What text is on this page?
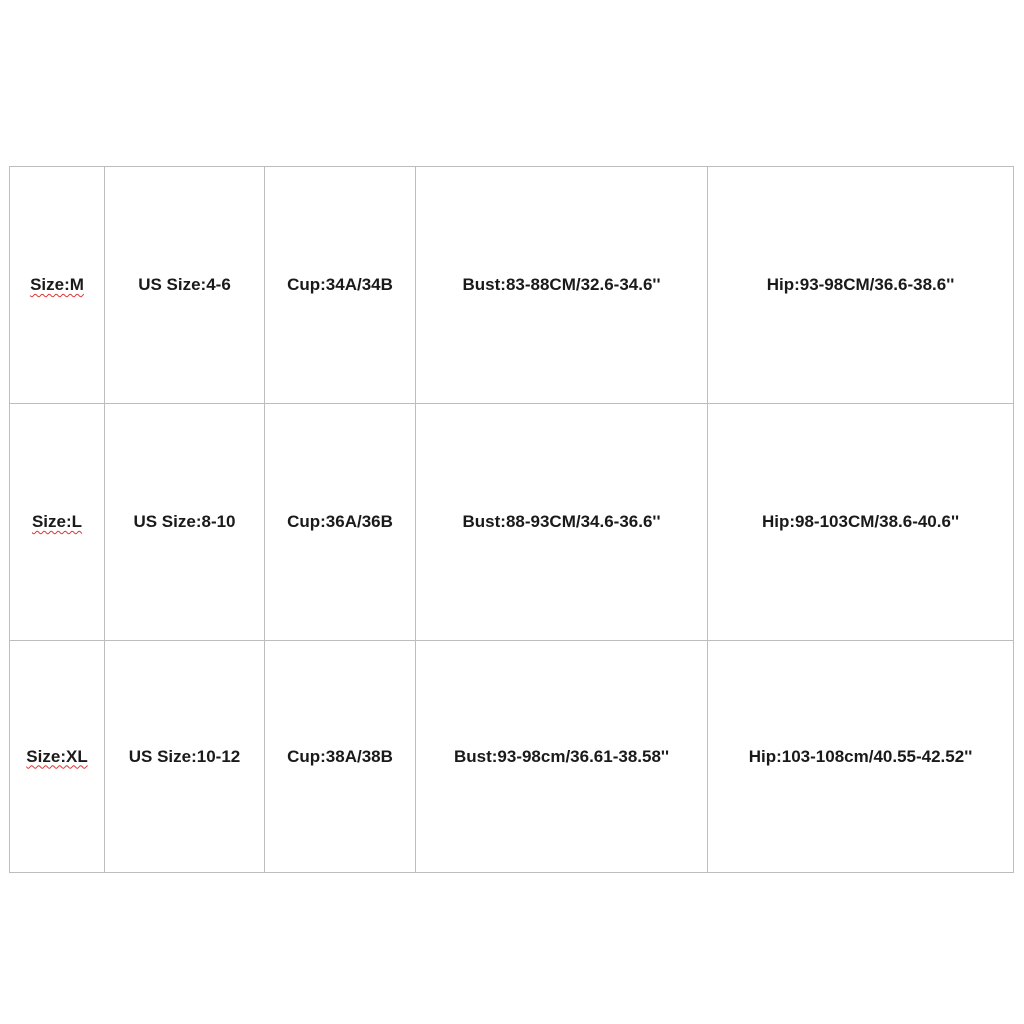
Size:M	US Size:4-6	Cup:34A/34B	Bust:83-88CM/32.6-34.6''	Hip:93-98CM/36.6-38.6''
Size:L	US Size:8-10	Cup:36A/36B	Bust:88-93CM/34.6-36.6''	Hip:98-103CM/38.6-40.6''
Size:XL	US Size:10-12	Cup:38A/38B	Bust:93-98cm/36.61-38.58''	Hip:103-108cm/40.55-42.52''
